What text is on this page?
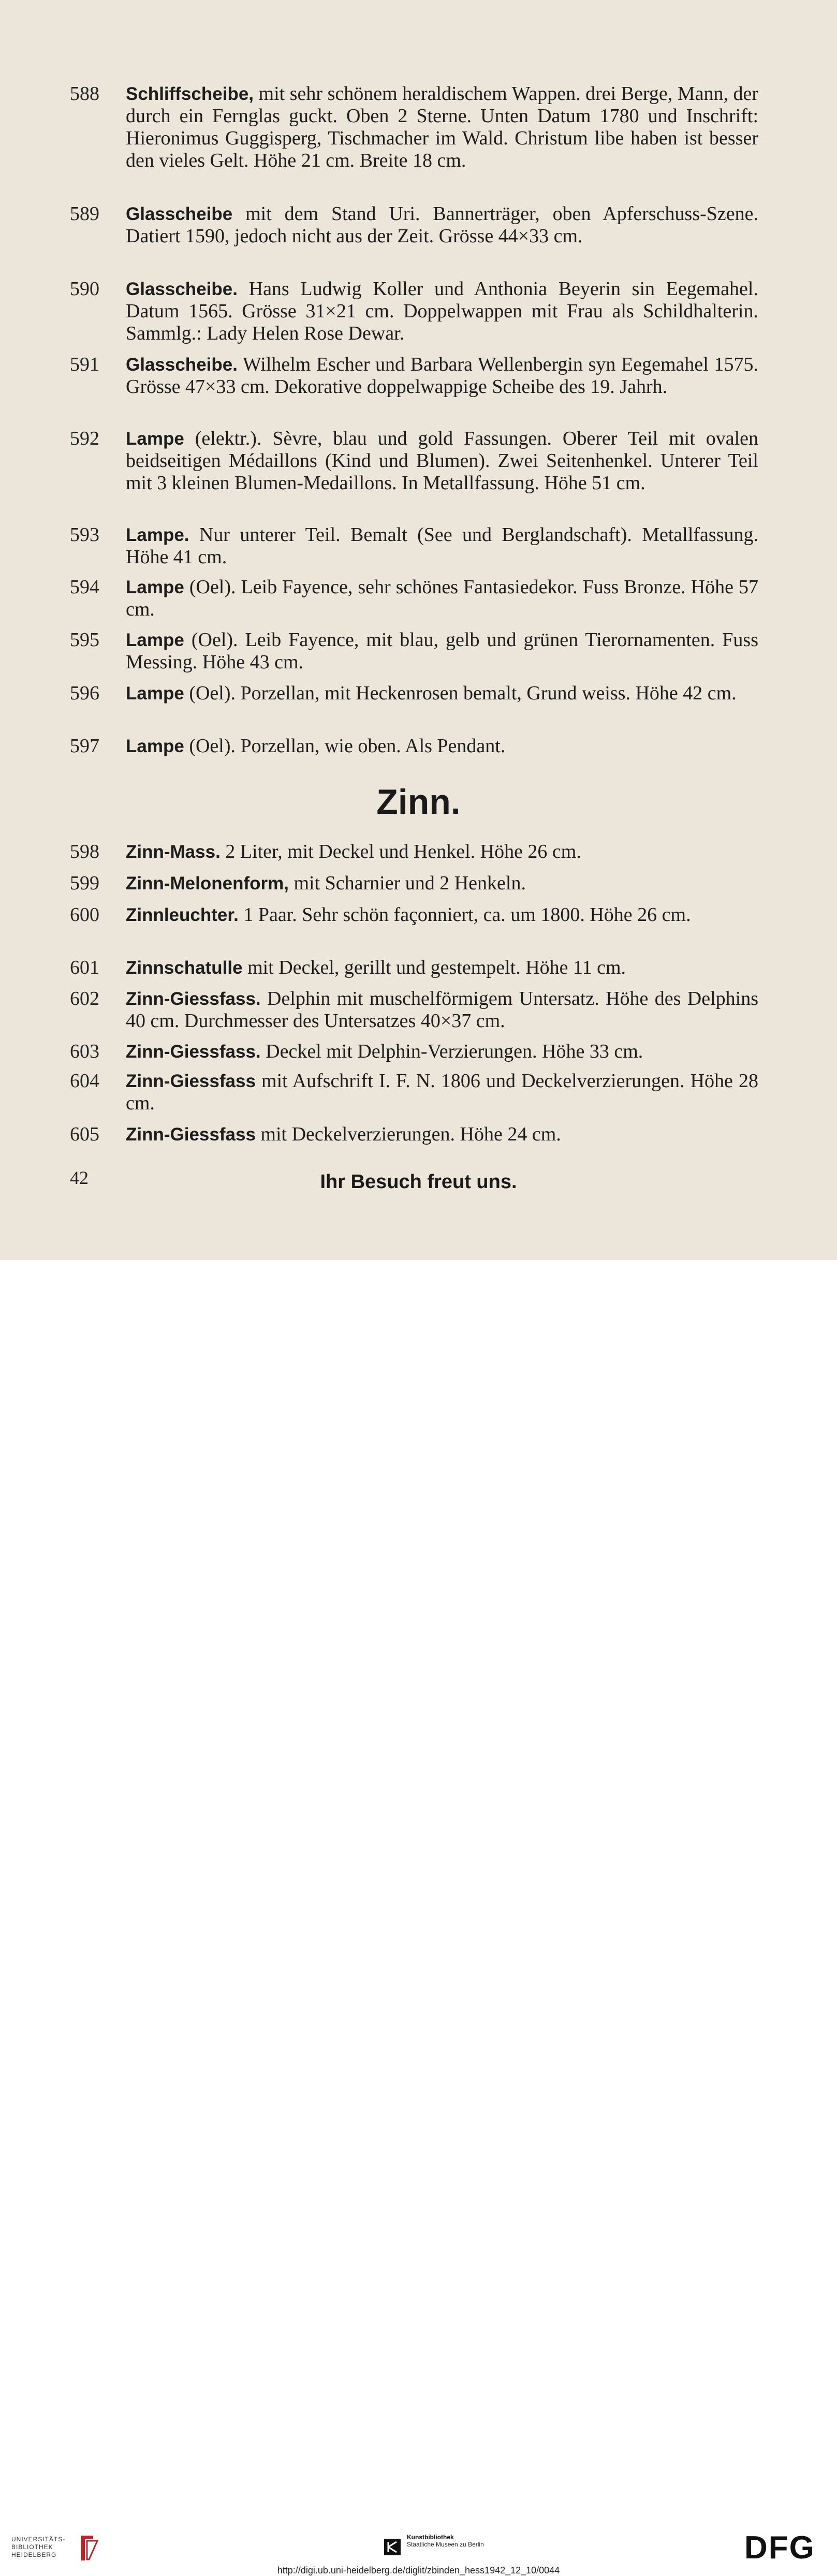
588	Schliffscheibe, mit sehr schönem heraldischem Wappen. drei Berge, Mann, der durch ein Fernglas guckt. Oben 2 Sterne. Unten Datum 1780 und Inschrift: Hieronimus Guggisperg, Tischmacher im Wald. Christum libe haben ist besser den vieles Gelt. Höhe 21 cm. Breite 18 cm.
589	Glasscheibe mit dem Stand Uri. Bannerträger, oben Apferschuss-Szene. Datiert 1590, jedoch nicht aus der Zeit. Grösse 44×33 cm.
590	Glasscheibe. Hans Ludwig Koller und Anthonia Beyerin sin Eegemahel. Datum 1565. Grösse 31×21 cm. Doppelwappen mit Frau als Schildhalterin. Sammlg.: Lady Helen Rose Dewar.
591	Glasscheibe. Wilhelm Escher und Barbara Wellenbergin syn Eegemahel 1575. Grösse 47×33 cm. Dekorative doppelwappige Scheibe des 19. Jahrh.
592	Lampe (elektr.). Sèvre, blau und gold Fassungen. Oberer Teil mit ovalen beidseitigen Médaillons (Kind und Blumen). Zwei Seitenhenkel. Unterer Teil mit 3 kleinen Blumen-Medaillons. In Metallfassung. Höhe 51 cm.
593	Lampe. Nur unterer Teil. Bemalt (See und Berglandschaft). Metallfassung. Höhe 41 cm.
594	Lampe (Oel). Leib Fayence, sehr schönes Fantasiedekor. Fuss Bronze. Höhe 57 cm.
595	Lampe (Oel). Leib Fayence, mit blau, gelb und grünen Tierornamenten. Fuss Messing. Höhe 43 cm.
596	Lampe (Oel). Porzellan, mit Heckenrosen bemalt, Grund weiss. Höhe 42 cm.
597	Lampe (Oel). Porzellan, wie oben. Als Pendant.
Zinn.
598	Zinn-Mass. 2 Liter, mit Deckel und Henkel. Höhe 26 cm.
599	Zinn-Melonenform, mit Scharnier und 2 Henkeln.
600	Zinnleuchter. 1 Paar. Sehr schön façonniert, ca. um 1800. Höhe 26 cm.
601	Zinnschatulle mit Deckel, gerillt und gestempelt. Höhe 11 cm.
602	Zinn-Giessfass. Delphin mit muschelförmigem Untersatz. Höhe des Delphins 40 cm. Durchmesser des Untersatzes 40×37 cm.
603	Zinn-Giessfass. Deckel mit Delphin-Verzierungen. Höhe 33 cm.
604	Zinn-Giessfass mit Aufschrift I. F. N. 1806 und Deckelverzierungen. Höhe 28 cm.
605	Zinn-Giessfass mit Deckelverzierungen. Höhe 24 cm.
42	Ihr Besuch freut uns.
UNIVERSITÄTS-
BIBLIOTHEK
HEIDELBERG
Kunstbibliothek
Staatliche Museen zu Berlin	DFG
http://digi.ub.uni-heidelberg.de/diglit/zbinden_hess1942_12_10/0044
